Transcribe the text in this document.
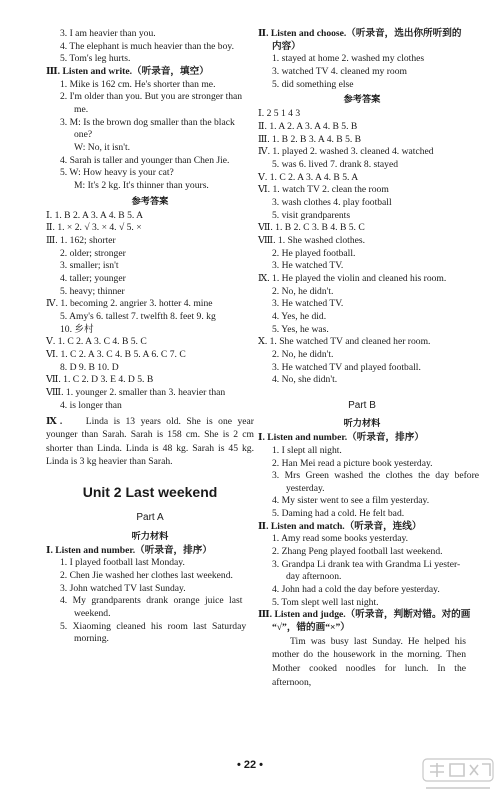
3. I am heavier than you.
4. The elephant is much heavier than the boy.
5. Tom's leg hurts.
Ⅲ. Listen and write.（听录音，填空）
1. Mike is 162 cm. He's shorter than me.
2. I'm older than you. But you are stronger than
me.
3. M: Is the brown dog smaller than the black
one?
W: No, it isn't.
4. Sarah is taller and younger than Chen Jie.
5. W: How heavy is your cat?
M: It's 2 kg. It's thinner than yours.
参考答案
Ⅰ. 1. B 2. A 3. A 4. B 5. A
Ⅱ. 1. × 2. √ 3. × 4. √ 5. ×
Ⅲ. 1. 162; shorter
2. older; stronger
3. smaller; isn't
4. taller; younger
5. heavy; thinner
Ⅳ. 1. becoming 2. angrier 3. hotter 4. mine
5. Amy's 6. tallest 7. twelfth 8. feet 9. kg
10. 乡村
Ⅴ. 1. C 2. A 3. C 4. B 5. C
Ⅵ. 1. C 2. A 3. C 4. B 5. A 6. C 7. C
8. D 9. B 10. D
Ⅶ. 1. C 2. D 3. E 4. D 5. B
Ⅷ. 1. younger 2. smaller than 3. heavier than
4. is longer than
Ⅸ. Linda is 13 years old. She is one year younger than Sarah. Sarah is 158 cm. She is 2 cm shorter than Linda. Linda is 48 kg. Sarah is 45 kg. Linda is 3 kg heavier than Sarah.
Unit 2 Last weekend
Part A
听力材料
Ⅰ. Listen and number.（听录音，排序）
1. I played football last Monday.
2. Chen Jie washed her clothes last weekend.
3. John watched TV last Sunday.
4. My grandparents drank orange juice last
weekend.
5. Xiaoming cleaned his room last Saturday
morning.
Ⅱ. Listen and choose.（听录音，选出你所听到的
内容）
1. stayed at home 2. washed my clothes
3. watched TV 4. cleaned my room
5. did something else
参考答案
Ⅰ. 2 5 1 4 3
Ⅱ. 1. A 2. A 3. A 4. B 5. B
Ⅲ. 1. B 2. B 3. A 4. B 5. B
Ⅳ. 1. played 2. washed 3. cleaned 4. watched
5. was 6. lived 7. drank 8. stayed
Ⅴ. 1. C 2. A 3. A 4. B 5. A
Ⅵ. 1. watch TV 2. clean the room
3. wash clothes 4. play football
5. visit grandparents
Ⅶ. 1. B 2. C 3. B 4. B 5. C
Ⅷ. 1. She washed clothes.
2. He played football.
3. He watched TV.
Ⅸ. 1. He played the violin and cleaned his room.
2. No, he didn't.
3. He watched TV.
4. Yes, he did.
5. Yes, he was.
Ⅹ. 1. She watched TV and cleaned her room.
2. No, he didn't.
3. He watched TV and played football.
4. No, she didn't.
Part B
听力材料
Ⅰ. Listen and number.（听录音，排序）
1. I slept all night.
2. Han Mei read a picture book yesterday.
3. Mrs Green washed the clothes the day before
yesterday.
4. My sister went to see a film yesterday.
5. Daming had a cold. He felt bad.
Ⅱ. Listen and match.（听录音，连线）
1. Amy read some books yesterday.
2. Zhang Peng played football last weekend.
3. Grandpa Li drank tea with Grandma Li yester-
day afternoon.
4. John had a cold the day before yesterday.
5. Tom slept well last night.
Ⅲ. Listen and judge.（听录音，判断对错。对的画
“√”，错的画“×”）
Tim was busy last Sunday. He helped his mother do the housework in the morning. Then Mother cooked noodles for lunch. In the afternoon,
• 22 •
